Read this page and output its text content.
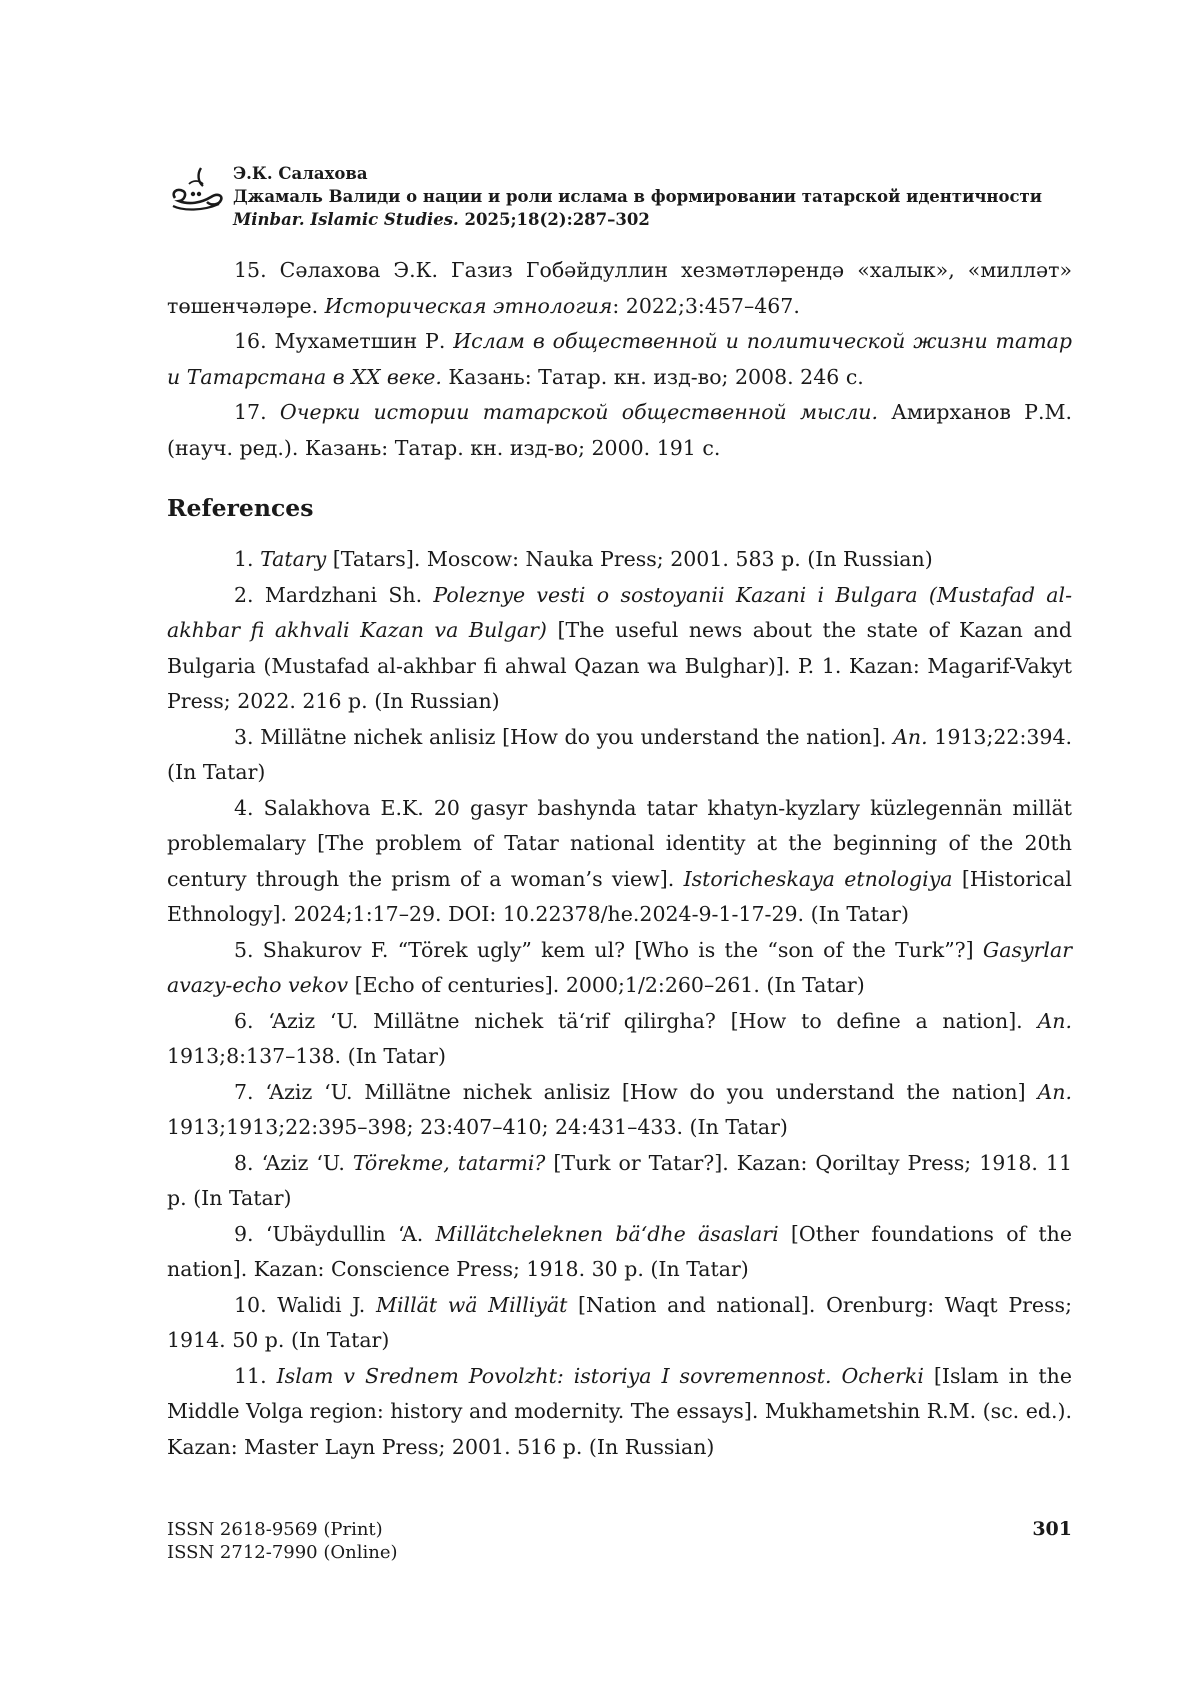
Э.К. Салахова
Джамаль Валиди о нации и роли ислама в формировании татарской идентичности
Minbar. Islamic Studies. 2025;18(2):287–302

15. Сәлахова Э.К. Газиз Гобәйдуллин хезмәтләрендә «халык», «милләт» төшенчәләре. Историческая этнология: 2022;3:457–467.

16. Мухаметшин Р. Ислам в общественной и политической жизни татар и Татарстана в XX веке. Казань: Татар. кн. изд-во; 2008. 246 с.

17. Очерки истории татарской общественной мысли. Амирханов Р.М. (науч. ред.). Казань: Татар. кн. изд-во; 2000. 191 с.

References

1. Tatary [Tatars]. Moscow: Nauka Press; 2001. 583 p. (In Russian)

2. Mardzhani Sh. Poleznye vesti o sostoyanii Kazani i Bulgara (Mustafad al-akhbar fi akhvali Kazan va Bulgar) [The useful news about the state of Kazan and Bulgaria (Mustafad al-akhbar fi ahwal Qazan wa Bulghar)]. P. 1. Kazan: Magarif-Vakyt Press; 2022. 216 p. (In Russian)

3. Millätne nichek anlisiz [How do you understand the nation]. An. 1913;22:394. (In Tatar)

4. Salakhova E.K. 20 gasyr bashynda tatar khatyn-kyzlary küzlegennän millät problemalary [The problem of Tatar national identity at the beginning of the 20th century through the prism of a woman’s view]. Istoricheskaya etnologiya [Historical Ethnology]. 2024;1:17–29. DOI: 10.22378/he.2024-9-1-17-29. (In Tatar)

5. Shakurov F. “Törek ugly” kem ul? [Who is the “son of the Turk”?] Gasyrlar avazy-echo vekov [Echo of centuries]. 2000;1/2:260–261. (In Tatar)

6. ‘Aziz ‘U. Millätne nichek tä‘rif qilirgha? [How to define a nation]. An. 1913;8:137–138. (In Tatar)

7. ‘Aziz ‘U. Millätne nichek anlisiz [How do you understand the nation] An. 1913;1913;22:395–398; 23:407–410; 24:431–433. (In Tatar)

8. ‘Aziz ‘U. Törekme, tatarmi? [Turk or Tatar?]. Kazan: Qoriltay Press; 1918. 11 p. (In Tatar)

9. ‘Ubäydullin ‘A. Millätcheleknen bä‘dhe äsaslari [Other foundations of the nation]. Kazan: Conscience Press; 1918. 30 p. (In Tatar)

10. Walidi J. Millät wä Milliyät [Nation and national]. Orenburg: Waqt Press; 1914. 50 p. (In Tatar)

11. Islam v Srednem Povolzht: istoriya I sovremennost. Ocherki [Islam in the Middle Volga region: history and modernity. The essays]. Mukhametshin R.M. (sc. ed.). Kazan: Master Layn Press; 2001. 516 p. (In Russian)

ISSN 2618-9569 (Print)
ISSN 2712-7990 (Online)
301
